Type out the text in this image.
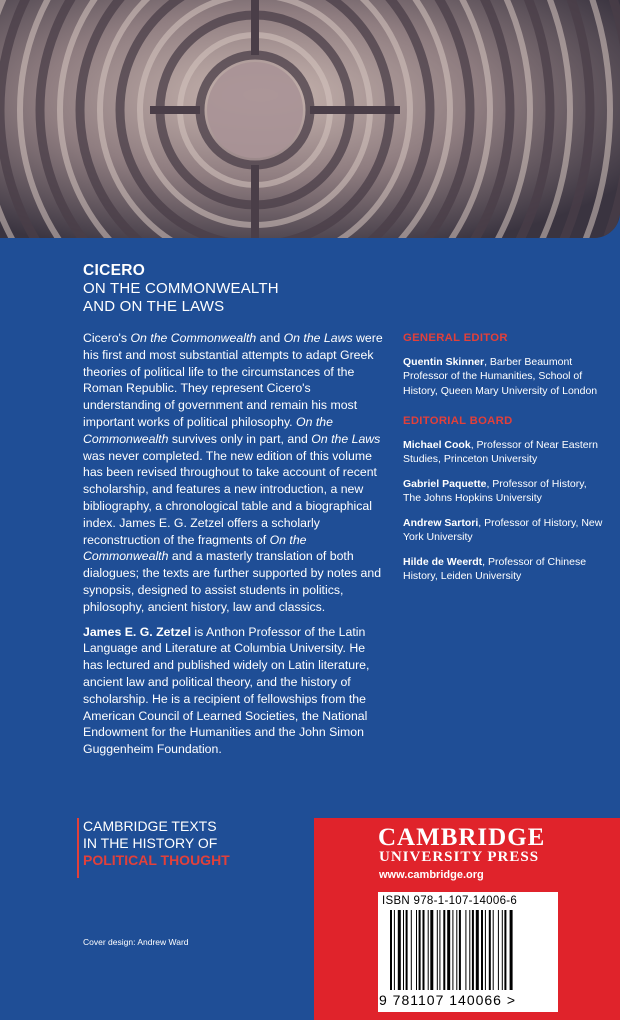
CICERO
ON THE COMMONWEALTH
AND ON THE LAWS

Cicero's On the Commonwealth and On the Laws were his first and most substantial attempts to adapt Greek theories of political life to the circumstances of the Roman Republic. They represent Cicero's understanding of government and remain his most important works of political philosophy. On the Commonwealth survives only in part, and On the Laws was never completed. The new edition of this volume has been revised throughout to take account of recent scholarship, and features a new introduction, a new bibliography, a chronological table and a biographical index. James E. G. Zetzel offers a scholarly reconstruction of the fragments of On the Commonwealth and a masterly translation of both dialogues; the texts are further supported by notes and synopsis, designed to assist students in politics, philosophy, ancient history, law and classics.

James E. G. Zetzel is Anthon Professor of the Latin Language and Literature at Columbia University. He has lectured and published widely on Latin literature, ancient law and political theory, and the history of scholarship. He is a recipient of fellowships from the American Council of Learned Societies, the National Endowment for the Humanities and the John Simon Guggenheim Foundation.

GENERAL EDITOR
Quentin Skinner, Barber Beaumont Professor of the Humanities, School of History, Queen Mary University of London
EDITORIAL BOARD
Michael Cook, Professor of Near Eastern Studies, Princeton University
Gabriel Paquette, Professor of History, The Johns Hopkins University
Andrew Sartori, Professor of History, New York University
Hilde de Weerdt, Professor of Chinese History, Leiden University
CAMBRIDGE TEXTS
IN THE HISTORY OF
POLITICAL THOUGHT
Cover design: Andrew Ward
CAMBRIDGE
UNIVERSITY PRESS
www.cambridge.org
ISBN 978-1-107-14006-6
9 781107 140066 >
